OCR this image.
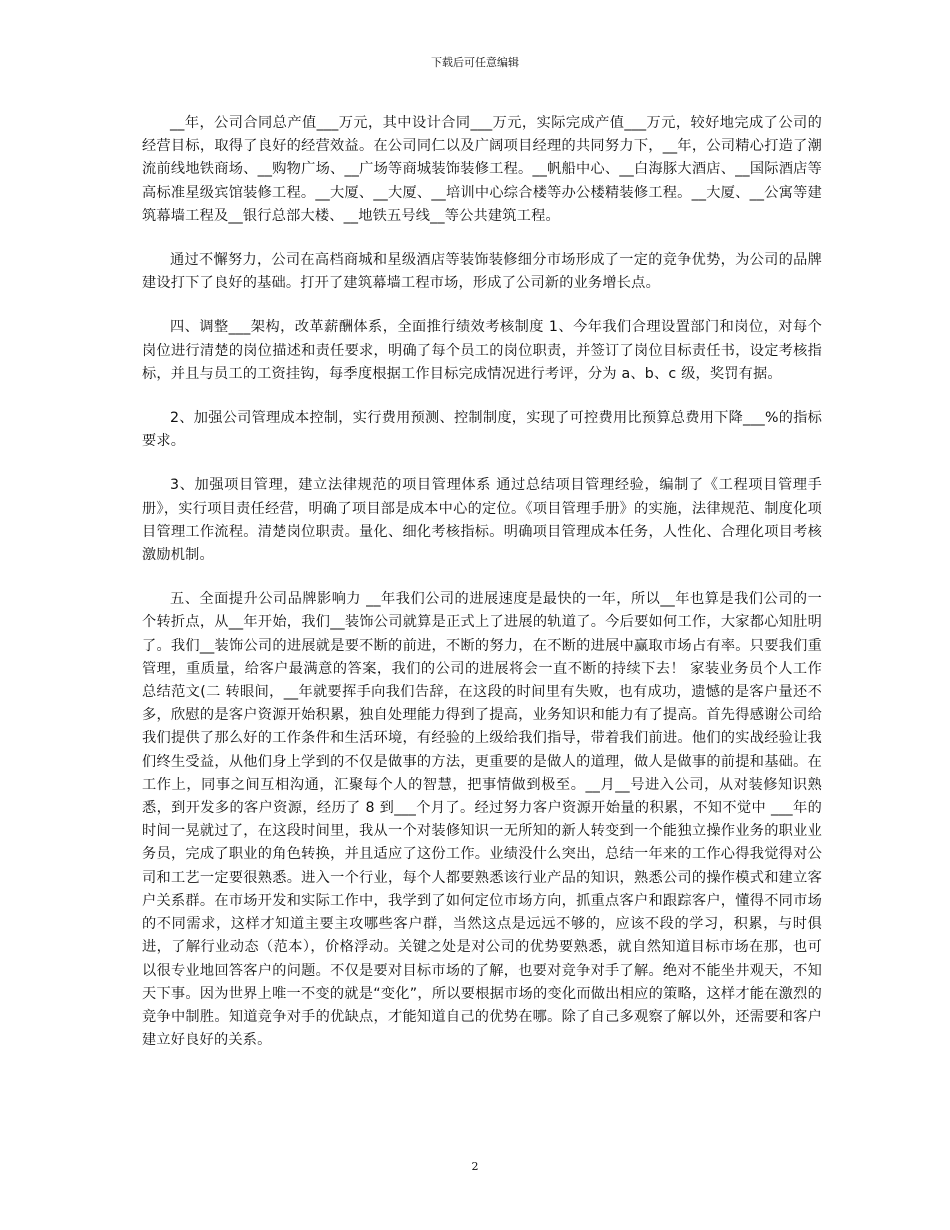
下载后可任意编辑

__年，公司合同总产值___万元，其中设计合同___万元，实际完成产值___万元，较好地完成了公司的经营目标，取得了良好的经营效益。在公司同仁以及广阔项目经理的共同努力下，__年，公司精心打造了潮流前线地铁商场、__购物广场、__广场等商城装饰装修工程。__帆船中心、__白海豚大酒店、__国际酒店等高标准星级宾馆装修工程。__大厦、__大厦、__培训中心综合楼等办公楼精装修工程。__大厦、__公寓等建筑幕墙工程及__银行总部大楼、__地铁五号线__等公共建筑工程。

通过不懈努力，公司在高档商城和星级酒店等装饰装修细分市场形成了一定的竞争优势，为公司的品牌建设打下了良好的基础。打开了建筑幕墙工程市场，形成了公司新的业务增长点。

四、调整___架构，改革薪酬体系，全面推行绩效考核制度 1、今年我们合理设置部门和岗位，对每个岗位进行清楚的岗位描述和责任要求，明确了每个员工的岗位职责，并签订了岗位目标责任书，设定考核指标，并且与员工的工资挂钩，每季度根据工作目标完成情况进行考评，分为 a、b、c 级，奖罚有据。

2、加强公司管理成本控制，实行费用预测、控制制度，实现了可控费用比预算总费用下降___%的指标要求。

3、加强项目管理，建立法律规范的项目管理体系 通过总结项目管理经验，编制了《工程项目管理手册》，实行项目责任经营，明确了项目部是成本中心的定位。《项目管理手册》的实施，法律规范、制度化项目管理工作流程。清楚岗位职责。量化、细化考核指标。明确项目管理成本任务，人性化、合理化项目考核激励机制。

五、全面提升公司品牌影响力 __年我们公司的进展速度是最快的一年，所以__年也算是我们公司的一个转折点，从__年开始，我们__装饰公司就算是正式上了进展的轨道了。今后要如何工作，大家都心知肚明了。我们__装饰公司的进展就是要不断的前进，不断的努力，在不断的进展中赢取市场占有率。只要我们重管理，重质量，给客户最满意的答案，我们的公司的进展将会一直不断的持续下去！ 家装业务员个人工作总结范文(二 转眼间，__年就要挥手向我们告辞，在这段的时间里有失败，也有成功，遗憾的是客户量还不多，欣慰的是客户资源开始积累，独自处理能力得到了提高，业务知识和能力有了提高。首先得感谢公司给我们提供了那么好的工作条件和生活环境，有经验的上级给我们指导，带着我们前进。他们的实战经验让我们终生受益，从他们身上学到的不仅是做事的方法，更重要的是做人的道理，做人是做事的前提和基础。在工作上，同事之间互相沟通，汇聚每个人的智慧，把事情做到极至。__月__号进入公司，从对装修知识熟悉，到开发多的客户资源，经历了 8 到___个月了。经过努力客户资源开始量的积累，不知不觉中 ___年的时间一晃就过了，在这段时间里，我从一个对装修知识一无所知的新人转变到一个能独立操作业务的职业业务员，完成了职业的角色转换，并且适应了这份工作。业绩没什么突出，总结一年来的工作心得我觉得对公司和工艺一定要很熟悉。进入一个行业，每个人都要熟悉该行业产品的知识，熟悉公司的操作模式和建立客户关系群。在市场开发和实际工作中，我学到了如何定位市场方向，抓重点客户和跟踪客户，懂得不同市场的不同需求，这样才知道主要主攻哪些客户群，当然这点是远远不够的，应该不段的学习，积累，与时俱进，了解行业动态（范本），价格浮动。关键之处是对公司的优势要熟悉，就自然知道目标市场在那，也可以很专业地回答客户的问题。不仅是要对目标市场的了解，也要对竞争对手了解。绝对不能坐井观天，不知天下事。因为世界上唯一不变的就是“变化”，所以要根据市场的变化而做出相应的策略，这样才能在激烈的竞争中制胜。知道竞争对手的优缺点，才能知道自己的优势在哪。除了自己多观察了解以外，还需要和客户建立好良好的关系。

2
